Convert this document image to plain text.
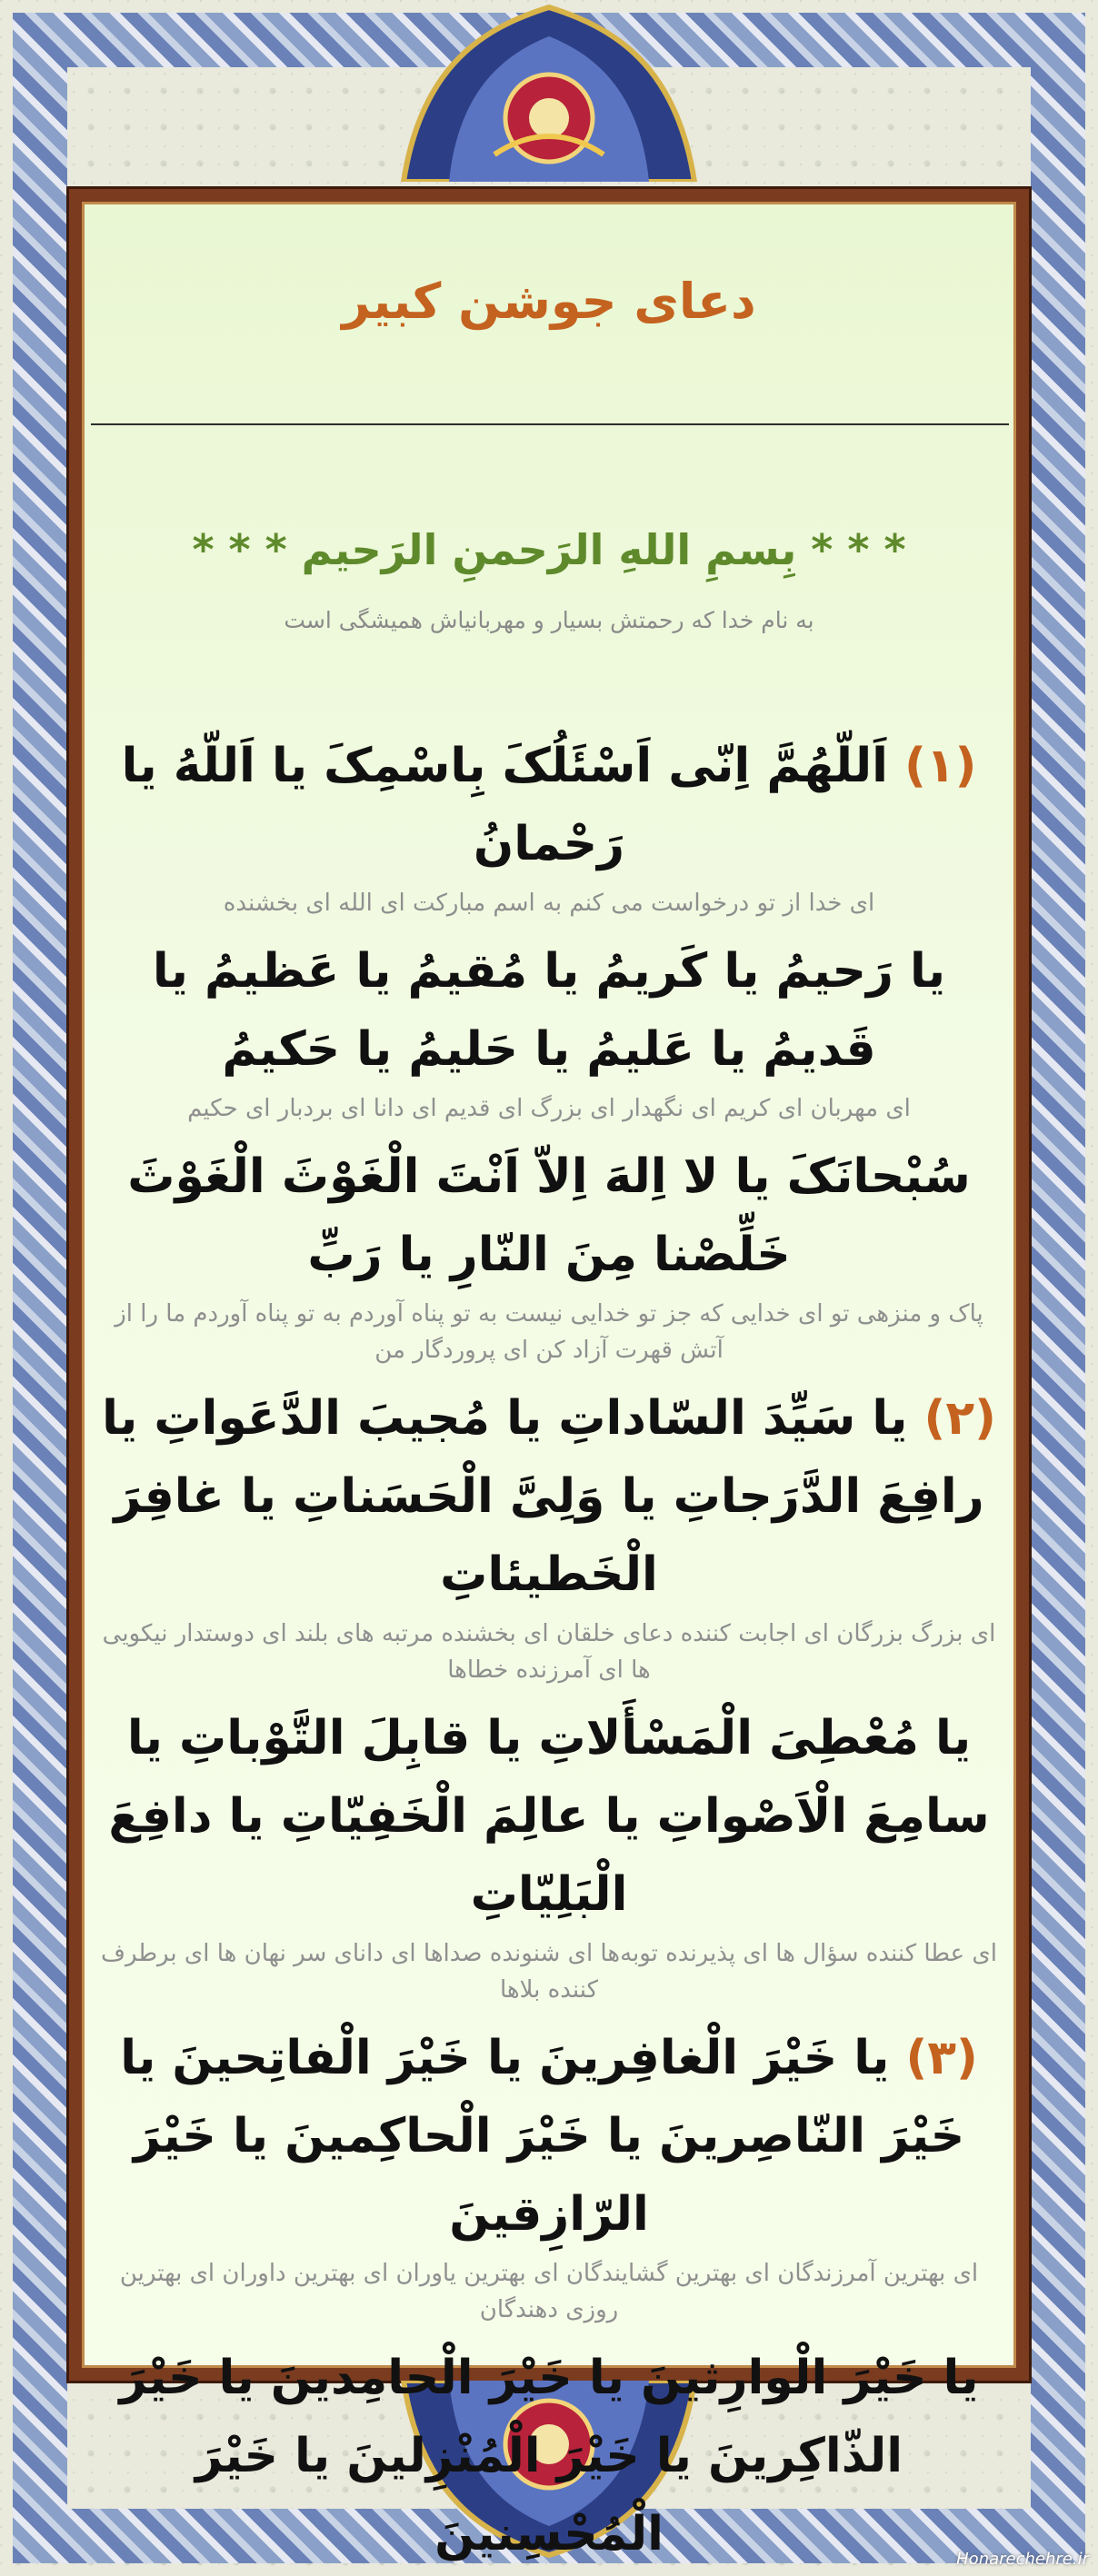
دعای جوشن کبیر
* * * بِسمِ اللهِ الرَحمنِ الرَحیم * * *
به نام خدا که رحمتش بسیار و مهربانیاش همیشگی است

(۱) اَللّهُمَّ اِنّی اَسْئَلُکَ بِاسْمِکَ یا اَللّهُ یا رَحْمانُ

ای خدا از تو درخواست می کنم به اسم مبارکت ای الله ای بخشنده

یا رَحیمُ یا کَریمُ یا مُقیمُ یا عَظیمُ یا قَدیمُ یا عَلیمُ یا حَلیمُ یا حَکیمُ

ای مهربان ای کریم ای نگهدار ای بزرگ ای قدیم ای دانا ای بردبار ای حکیم

سُبْحانَکَ یا لا اِلهَ اِلاّ اَنْتَ الْغَوْثَ الْغَوْثَ خَلِّصْنا مِنَ النّارِ یا رَبِّ

پاک و منزهی تو ای خدایی که جز تو خدایی نیست به تو پناه آوردم به تو پناه آوردم ما را از آتش قهرت آزاد کن ای پروردگار من

(۲) یا سَیِّدَ السّاداتِ یا مُجیبَ الدَّعَواتِ یا رافِعَ الدَّرَجاتِ یا وَلِیَّ الْحَسَناتِ یا غافِرَ الْخَطیئاتِ

ای بزرگ بزرگان ای اجابت کننده دعای خلقان ای بخشنده مرتبه های بلند ای دوستدار نیکویی ها ای آمرزنده خطاها

یا مُعْطِیَ الْمَسْأَلاتِ یا قابِلَ التَّوْباتِ یا سامِعَ الْاَصْواتِ یا عالِمَ الْخَفِیّاتِ یا دافِعَ الْبَلِیّاتِ

ای عطا کننده سؤال ها ای پذیرنده توبه‌ها ای شنونده صداها ای دانای سر نهان ها ای برطرف کننده بلاها

(۳) یا خَیْرَ الْغافِرینَ یا خَیْرَ الْفاتِحینَ یا خَیْرَ النّاصِرینَ یا خَیْرَ الْحاکِمینَ یا خَیْرَ الرّازِقینَ

ای بهترین آمرزندگان ای بهترین گشایندگان ای بهترین یاوران ای بهترین داوران ای بهترین روزی دهندگان

یا خَیْرَ الْوارِثینَ یا خَیْرَ الْحامِدینَ یا خَیْرَ الذّاکِرینَ یا خَیْرَ الْمُنْزِلینَ یا خَیْرَ الْمُحْسِنینَ	Honarechehre.ir
